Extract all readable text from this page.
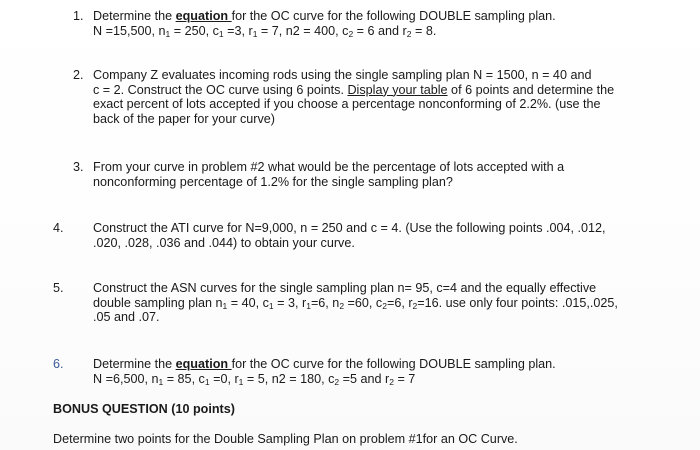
1. Determine the equation for the OC curve for the following DOUBLE sampling plan.
N =15,500, $n_1 = 250$, $c_1 =3$, $r_1 = 7$, n2 = 400, $c_2 = 6$ and $r_2 = 8$.
2. Company Z evaluates incoming rods using the single sampling plan N = 1500, n = 40 and
c = 2. Construct the OC curve using 6 points. Display your table of 6 points and determine the
exact percent of lots accepted if you choose a percentage nonconforming of 2.2%. (use the
back of the paper for your curve)
3. From your curve in problem #2 what would be the percentage of lots accepted with a
nonconforming percentage of 1.2% for the single sampling plan?
4. Construct the ATI curve for N=9,000, n = 250 and c = 4. (Use the following points .004, .012,
.020, .028, .036 and .044) to obtain your curve.
5. Construct the ASN curves for the single sampling plan n= 95, c=4 and the equally effective
double sampling plan $n_1 = 40$, $c_1 = 3$, $r_1=6$, $n_2 =60$, $c_2=6$, $r_2=16$. use only four points: .015,.025,
.05 and .07.
6. Determine the equation for the OC curve for the following DOUBLE sampling plan.
N =6,500, $n_1 = 85$, $c_1 =0$, $r_1 = 5$, n2 = 180, $c_2 =5$ and $r_2 = 7$
BONUS QUESTION (10 points)
Determine two points for the Double Sampling Plan on problem #1for an OC Curve.
